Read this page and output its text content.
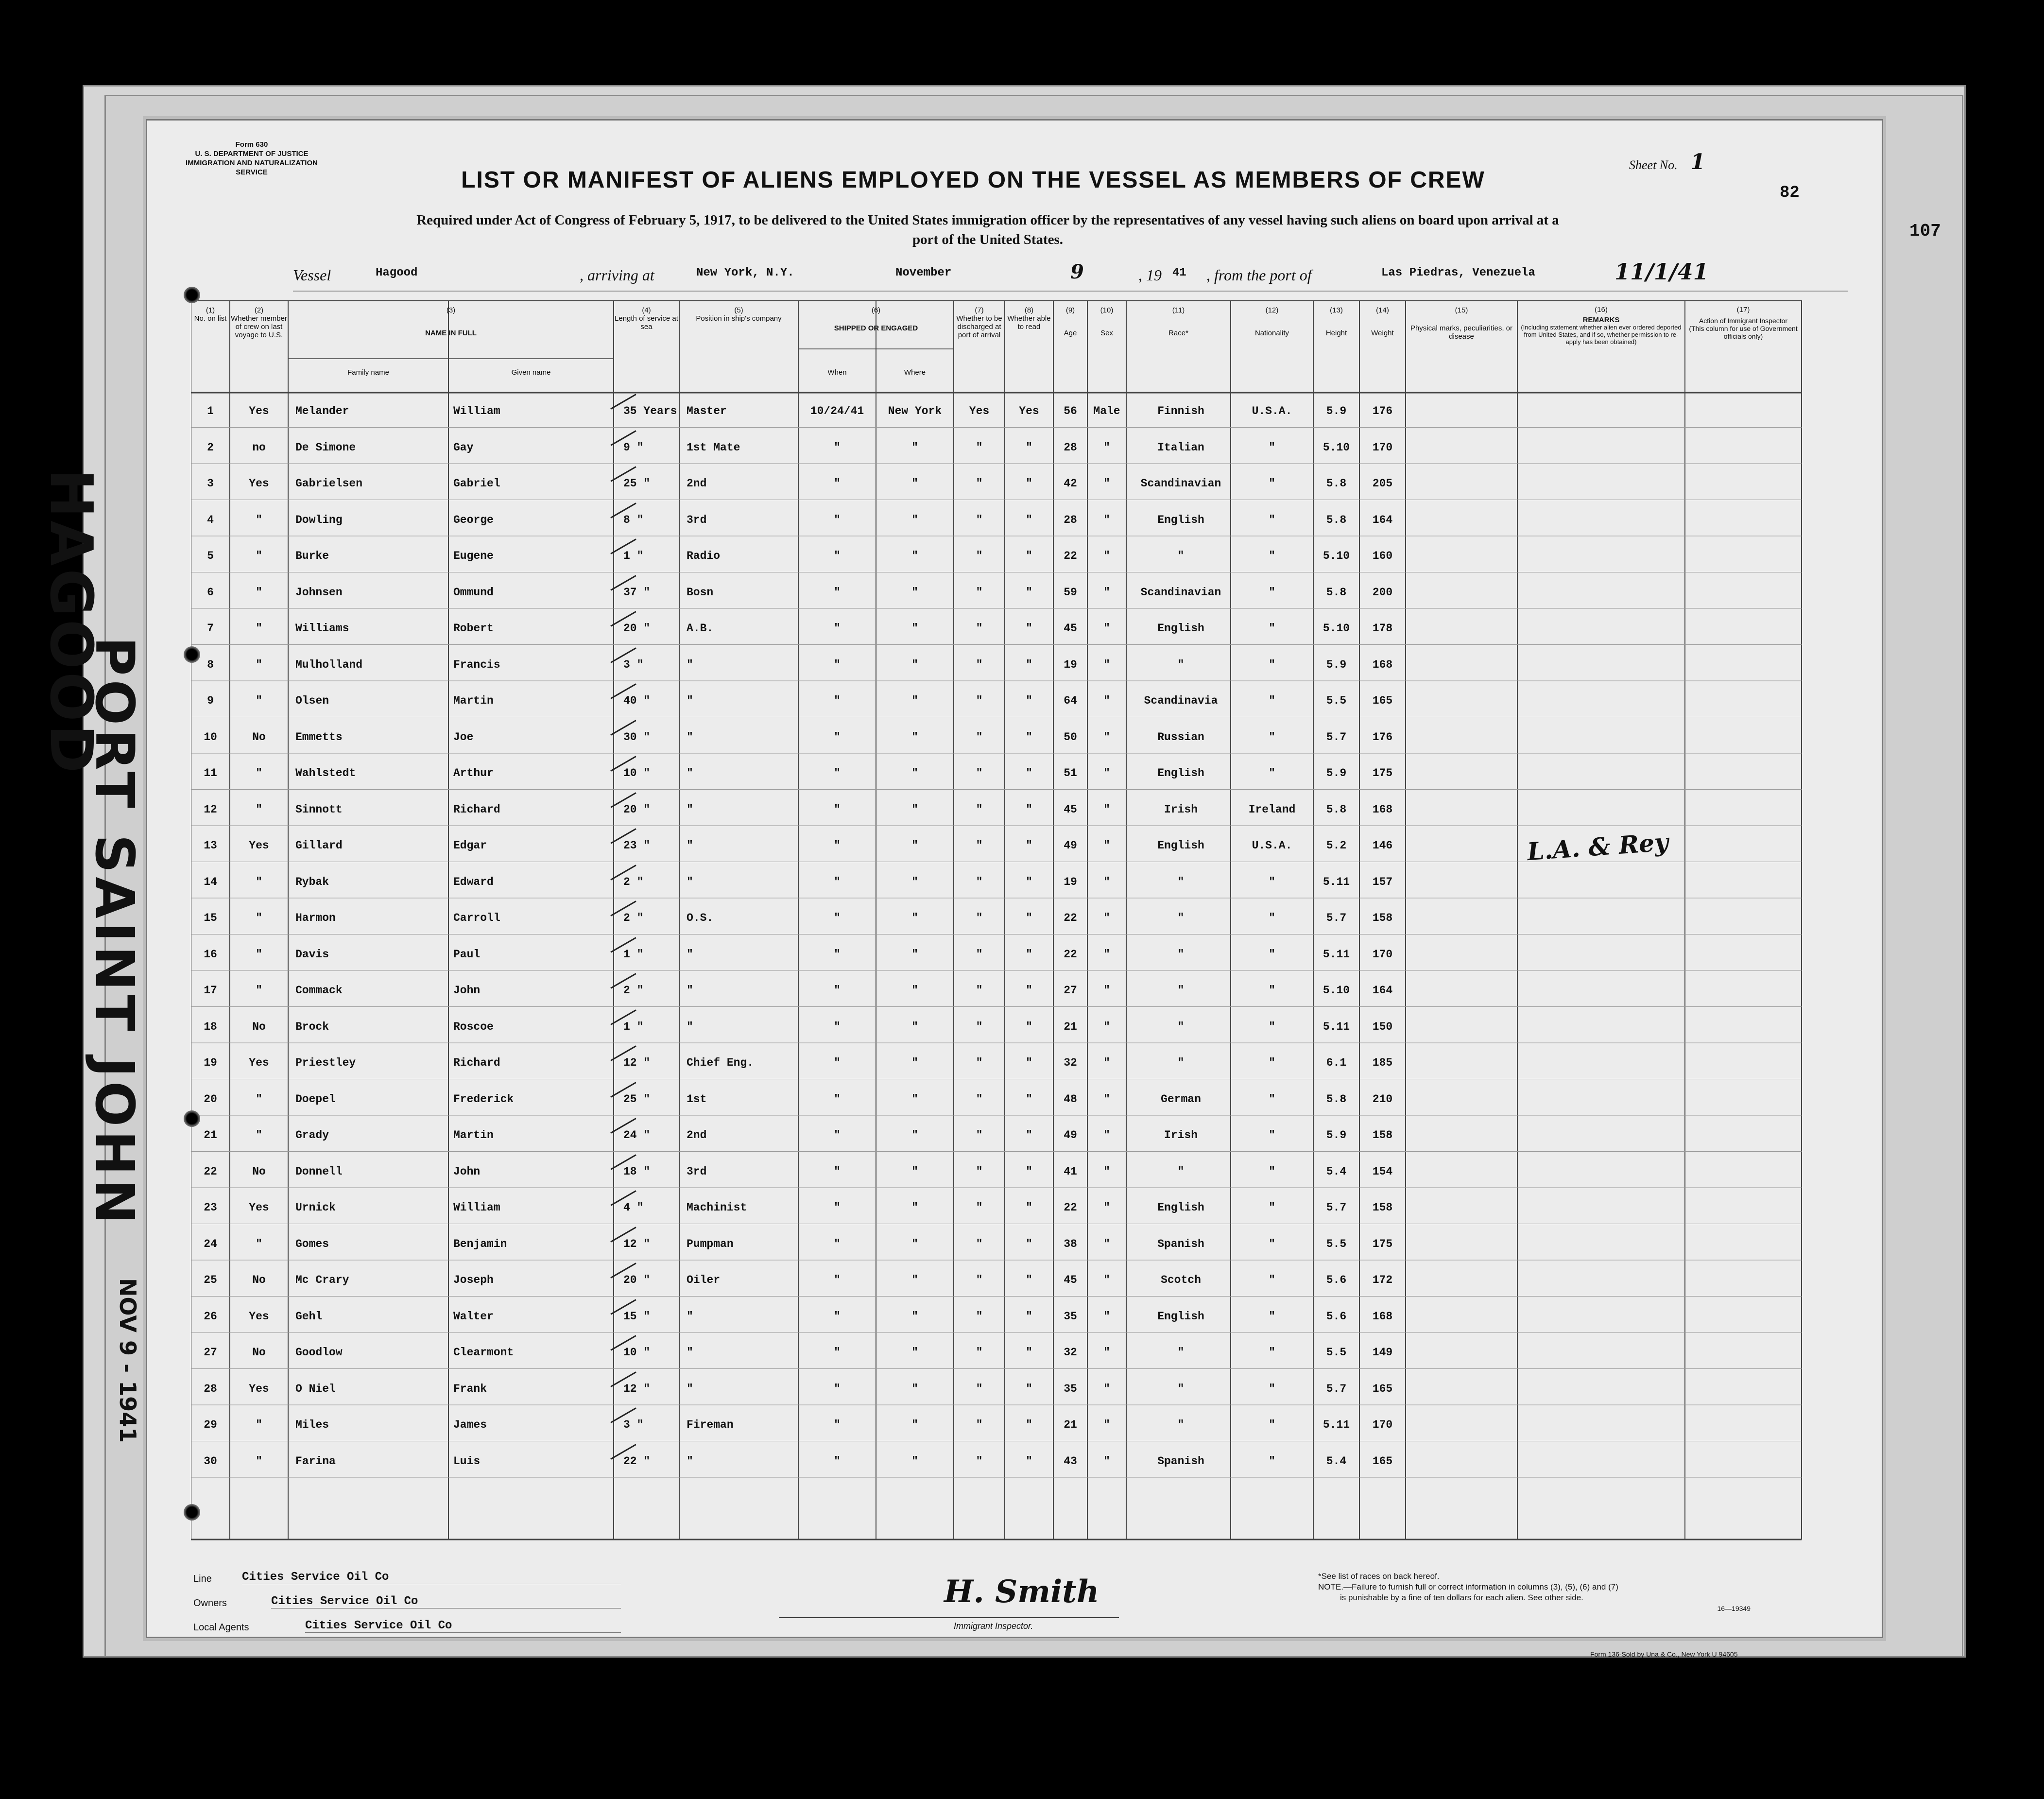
HAGOOD
PORT SAINT JOHN
NOV 9 - 1941
Form 630
U. S. DEPARTMENT OF JUSTICE
IMMIGRATION AND NATURALIZATION SERVICE
Sheet No. 1
LIST OR MANIFEST OF ALIENS EMPLOYED ON THE VESSEL AS MEMBERS OF CREW	82
Required under Act of Congress of February 5, 1917, to be delivered to the United States immigration officer by the representatives of any vessel having such aliens on board upon arrival at a
port of the United States.
Vessel	Hagood	, arriving at	New York, N.Y.	November	9	, 19 41 , from the port of	Las Piedras, Venezuela	11/1/41
(1)
No. on list
(2)
Whether member of crew on last voyage to U.S.
(3)
NAME IN FULL
Family name	Given name
(4)
Length of service at sea
(5)
Position in ship's company
(6)
SHIPPED OR ENGAGED
When	Where
(7)
Whether to be discharged at port of arrival
(8)
Whether able to read
(9)
Age
(10)
Sex
(11)
Race*
(12)
Nationality
(13)
Height
(14)
Weight
(15)
Physical marks, peculiarities, or disease
(16)
REMARKS
(Including statement whether alien ever ordered deported from United States, and if so, whether permission to re-apply has been obtained)
(17)
Action of Immigrant Inspector
(This column for use of Government officials only)
1	Yes	Melander	William	35 Years Master	10/24/41	New York	Yes	Yes	56	Male	Finnish	U.S.A.	5.9	176
2	no	De Simone	Gay	9 "	1st Mate	"	"	"	"	28	"	Italian	"	5.10	170
3	Yes	Gabrielsen	Gabriel	25 "	2nd	"	"	"	"	42	"	Scandinavian	"	5.8	205
4	"	Dowling	George	8 "	3rd	"	"	"	"	28	"	English	"	5.8	164
5	"	Burke	Eugene	1 "	Radio	"	"	"	"	22	"	"	"	5.10	160
6	"	Johnsen	Ommund	37 "	Bosn	"	"	"	"	59	"	Scandinavian	"	5.8	200
7	"	Williams	Robert	20 "	A.B.	"	"	"	"	45	"	English	"	5.10	178
8	"	Mulholland	Francis	3 "	"	"	"	"	"	19	"	"	"	5.9	168
9	"	Olsen	Martin	40 "	"	"	"	"	"	64	"	Scandinavia	"	5.5	165
10	No	Emmetts	Joe	30 "	"	"	"	"	"	50	"	Russian	"	5.7	176
11	"	Wahlstedt	Arthur	10 "	"	"	"	"	"	51	"	English	"	5.9	175
12	"	Sinnott	Richard	20 "	"	"	"	"	"	45	"	Irish	Ireland	5.8	168
13	Yes	Gillard	Edgar	23 "	"	"	"	"	"	49	"	English	U.S.A.	5.2	146
14	"	Rybak	Edward	2 "	"	"	"	"	"	19	"	"	"	5.11	157
15	"	Harmon	Carroll	2 "	O.S.	"	"	"	"	22	"	"	"	5.7	158
16	"	Davis	Paul	1 "	"	"	"	"	"	22	"	"	"	5.11	170
17	"	Commack	John	2 "	"	"	"	"	"	27	"	"	"	5.10	164
18	No	Brock	Roscoe	1 "	"	"	"	"	"	21	"	"	"	5.11	150
19	Yes	Priestley	Richard	12 "	Chief Eng.	"	"	"	"	32	"	"	"	6.1	185
20	"	Doepel	Frederick	25 "	1st	"	"	"	"	48	"	German	"	5.8	210
21	"	Grady	Martin	24 "	2nd	"	"	"	"	49	"	Irish	"	5.9	158
22	No	Donnell	John	18 "	3rd	"	"	"	"	41	"	"	"	5.4	154
23	Yes	Urnick	William	4 "	Machinist	"	"	"	"	22	"	English	"	5.7	158
24	"	Gomes	Benjamin	12 "	Pumpman	"	"	"	"	38	"	Spanish	"	5.5	175
25	No	Mc Crary	Joseph	20 "	Oiler	"	"	"	"	45	"	Scotch	"	5.6	172
26	Yes	Gehl	Walter	15 "	"	"	"	"	"	35	"	English	"	5.6	168
27	No	Goodlow	Clearmont	10 "	"	"	"	"	"	32	"	"	"	5.5	149
28	Yes	O Niel	Frank	12 "	"	"	"	"	"	35	"	"	"	5.7	165
29	"	Miles	James	3 "	Fireman	"	"	"	"	21	"	"	"	5.11	170
30	"	Farina	Luis	22 "	"	"	"	"	"	43	"	Spanish	"	5.4	165
L.A. & Rey
Line	Cities Service Oil Co
Owners	Cities Service Oil Co
Local Agents	Cities Service Oil Co
H. Smith
Immigrant Inspector.
*See list of races on back hereof.
NOTE.—Failure to furnish full or correct information in columns (3), (5), (6) and (7)
is punishable by a fine of ten dollars for each alien. See other side.
16—19349
Form 136-Sold by Una & Co., New York U 94605
107
